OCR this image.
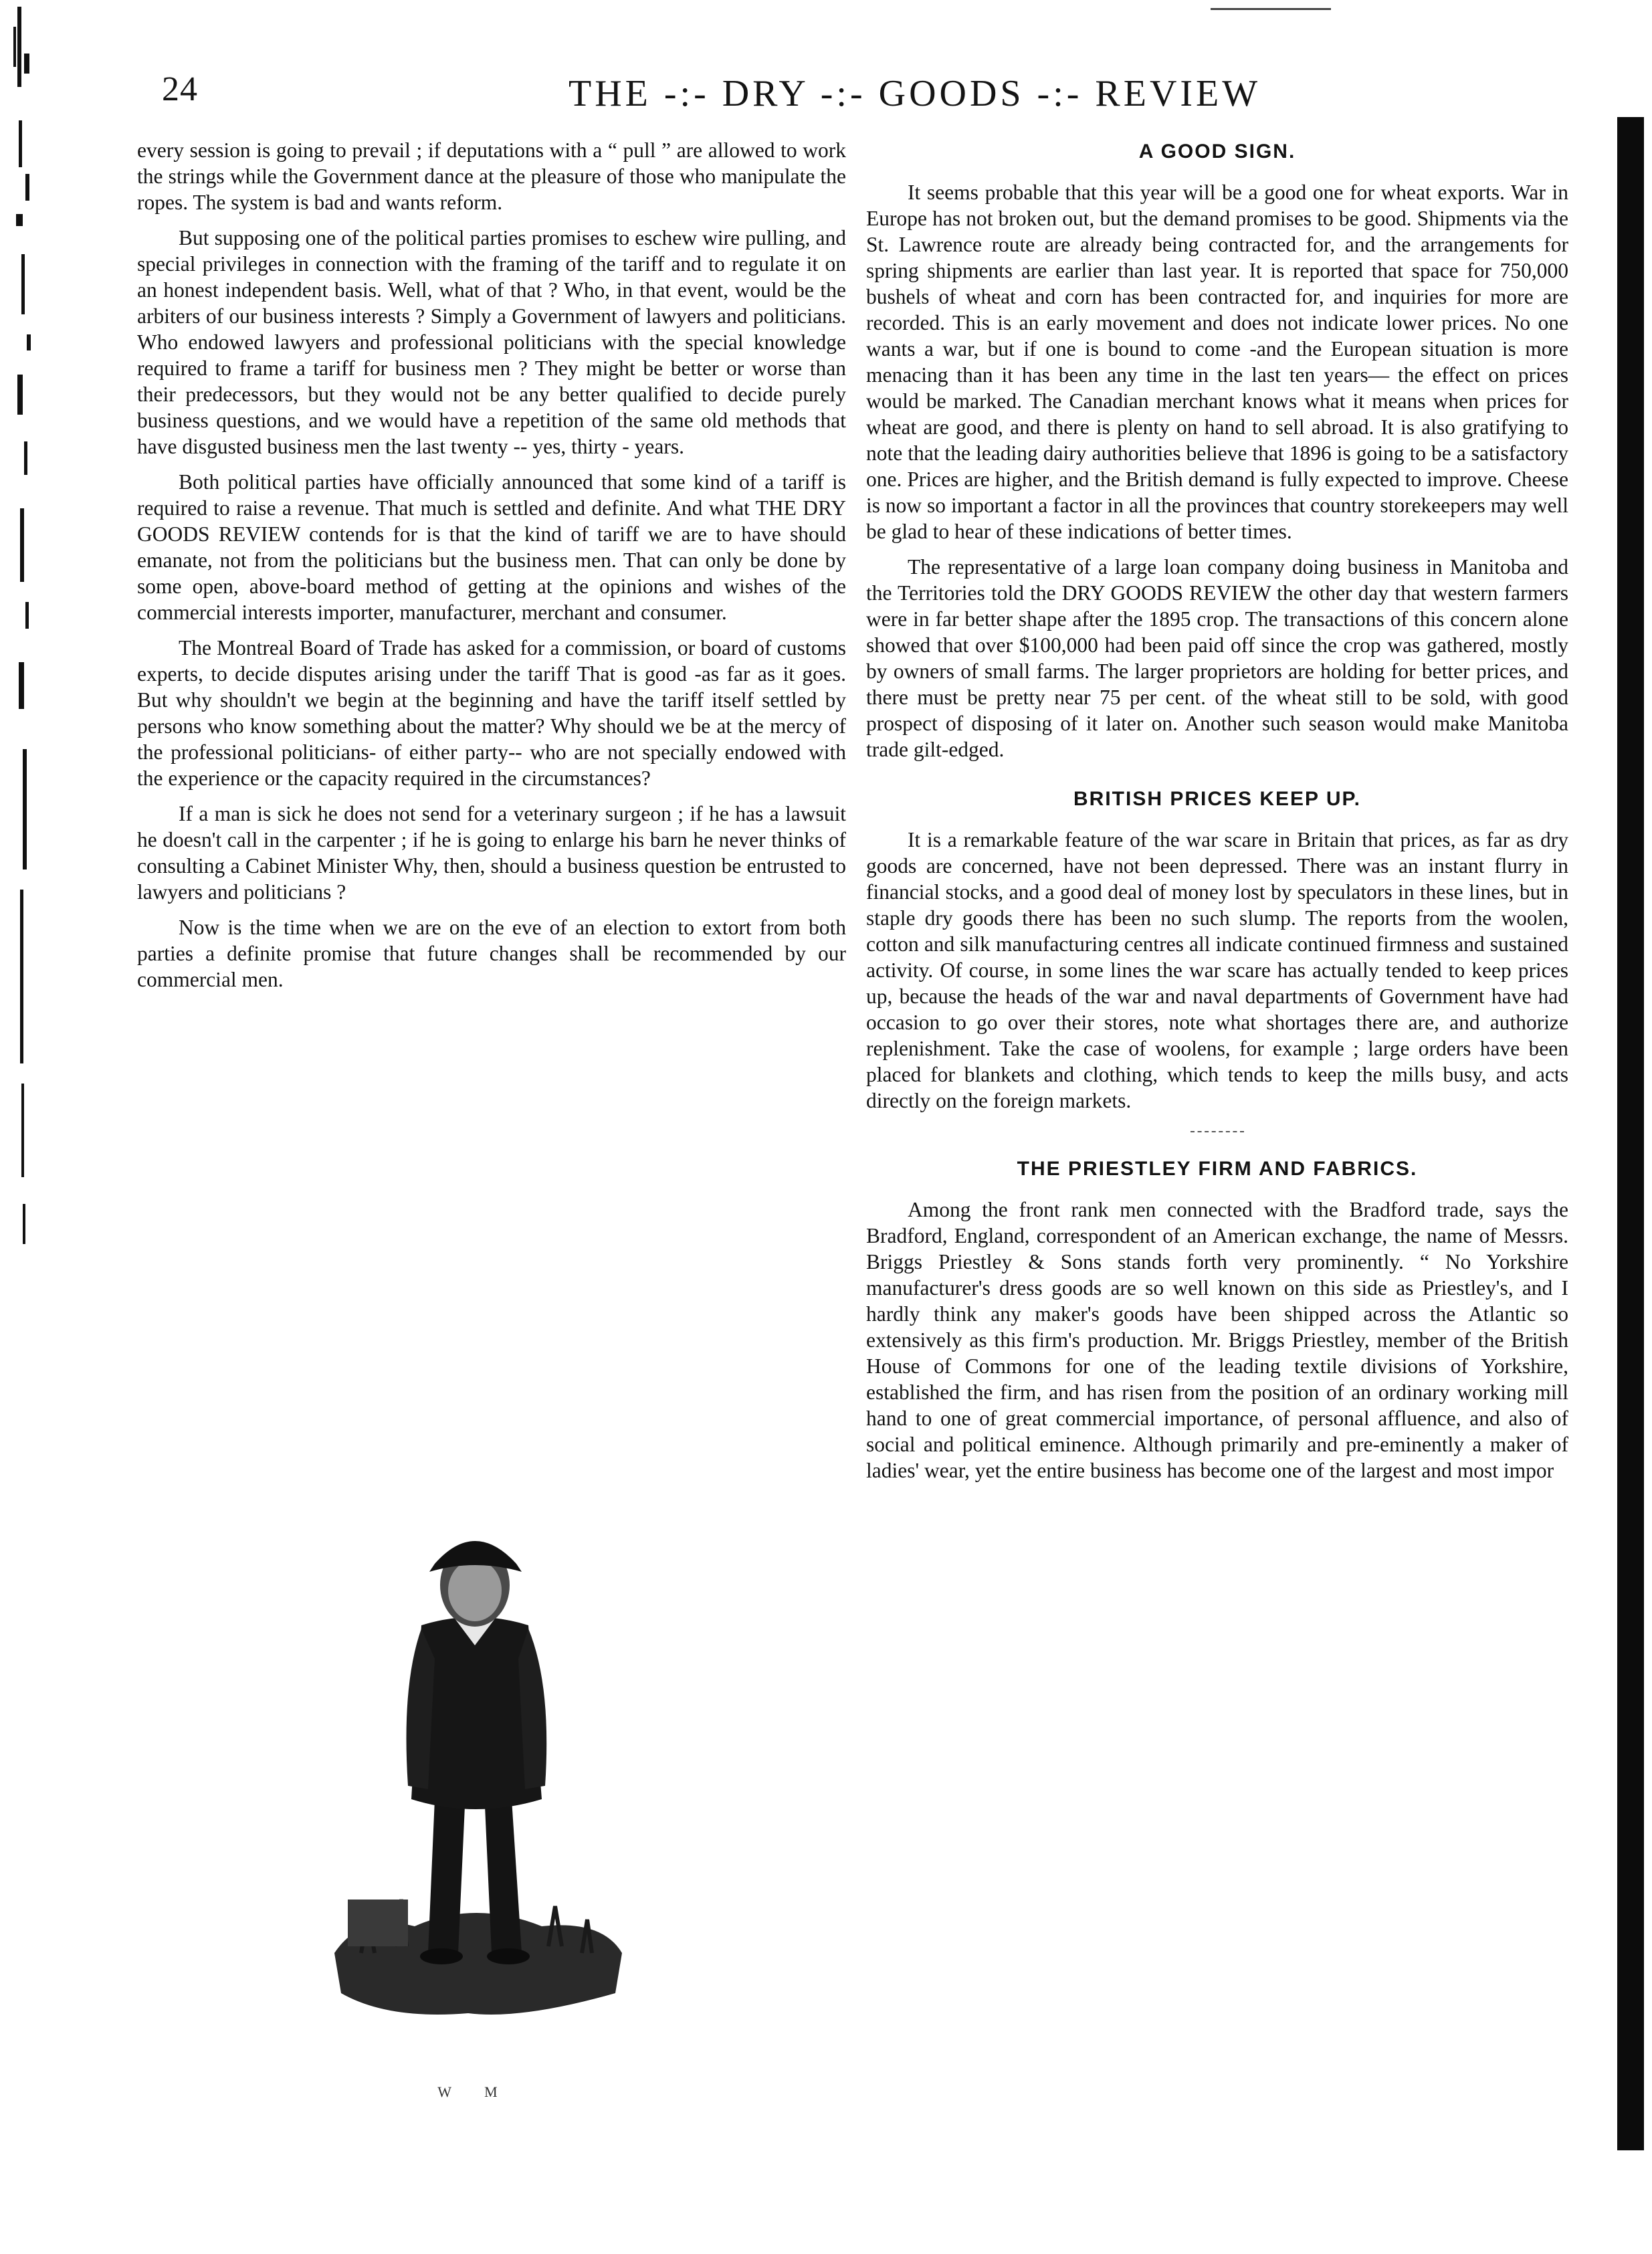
24	THE -:- DRY -:- GOODS -:- REVIEW

every session is going to prevail ; if deputations with a “ pull ” are allowed to work the strings while the Government dance at the pleasure of those who manipulate the ropes. The system is bad and wants reform.

But supposing one of the political parties promises to eschew wire pulling, and special privileges in connection with the framing of the tariff and to regulate it on an honest independent basis. Well, what of that ? Who, in that event, would be the arbiters of our business interests ? Simply a Government of lawyers and politicians. Who endowed lawyers and professional politicians with the special knowledge required to frame a tariff for business men ? They might be better or worse than their predecessors, but they would not be any better qualified to decide purely business questions, and we would have a repetition of the same old methods that have disgusted business men the last twenty -- yes, thirty - years.

Both political parties have officially announced that some kind of a tariff is required to raise a revenue. That much is settled and definite. And what THE DRY GOODS REVIEW contends for is that the kind of tariff we are to have should emanate, not from the politicians but the business men. That can only be done by some open, above-board method of getting at the opinions and wishes of the commercial interests importer, manufacturer, merchant and consumer.

The Montreal Board of Trade has asked for a commission, or board of customs experts, to decide disputes arising under the tariff That is good -as far as it goes. But why shouldn't we begin at the beginning and have the tariff itself settled by persons who know something about the matter? Why should we be at the mercy of the professional politicians- of either party-- who are not specially endowed with the experience or the capacity required in the circumstances?

If a man is sick he does not send for a veterinary surgeon ; if he has a lawsuit he doesn't call in the carpenter ; if he is going to enlarge his barn he never thinks of consulting a Cabinet Minister Why, then, should a business question be entrusted to lawyers and politicians ?

Now is the time when we are on the eve of an election to extort from both parties a definite promise that future changes shall be recommended by our commercial men.

W M
A GOOD SIGN.

It seems probable that this year will be a good one for wheat exports. War in Europe has not broken out, but the demand promises to be good. Shipments via the St. Lawrence route are already being contracted for, and the arrangements for spring shipments are earlier than last year. It is reported that space for 750,000 bushels of wheat and corn has been contracted for, and inquiries for more are recorded. This is an early movement and does not indicate lower prices. No one wants a war, but if one is bound to come -and the European situation is more menacing than it has been any time in the last ten years— the effect on prices would be marked. The Canadian merchant knows what it means when prices for wheat are good, and there is plenty on hand to sell abroad. It is also gratifying to note that the leading dairy authorities believe that 1896 is going to be a satisfactory one. Prices are higher, and the British demand is fully expected to improve. Cheese is now so important a factor in all the provinces that country storekeepers may well be glad to hear of these indications of better times.

The representative of a large loan company doing business in Manitoba and the Territories told the DRY GOODS REVIEW the other day that western farmers were in far better shape after the 1895 crop. The transactions of this concern alone showed that over $100,000 had been paid off since the crop was gathered, mostly by owners of small farms. The larger proprietors are holding for better prices, and there must be pretty near 75 per cent. of the wheat still to be sold, with good prospect of disposing of it later on. Another such season would make Manitoba trade gilt-edged.

BRITISH PRICES KEEP UP.

It is a remarkable feature of the war scare in Britain that prices, as far as dry goods are concerned, have not been depressed. There was an instant flurry in financial stocks, and a good deal of money lost by speculators in these lines, but in staple dry goods there has been no such slump. The reports from the woolen, cotton and silk manufacturing centres all indicate continued firmness and sustained activity. Of course, in some lines the war scare has actually tended to keep prices up, because the heads of the war and naval departments of Government have had occasion to go over their stores, note what shortages there are, and authorize replenishment. Take the case of woolens, for example ; large orders have been placed for blankets and clothing, which tends to keep the mills busy, and acts directly on the foreign markets.

THE PRIESTLEY FIRM AND FABRICS.

Among the front rank men connected with the Bradford trade, says the Bradford, England, correspondent of an American exchange, the name of Messrs. Briggs Priestley & Sons stands forth very prominently. “ No Yorkshire manufacturer's dress goods are so well known on this side as Priestley's, and I hardly think any maker's goods have been shipped across the Atlantic so extensively as this firm's production. Mr. Briggs Priestley, member of the British House of Commons for one of the leading textile divisions of Yorkshire, established the firm, and has risen from the position of an ordinary working mill hand to one of great commercial importance, of personal affluence, and also of social and political eminence. Although primarily and pre-eminently a maker of ladies' wear, yet the entire business has become one of the largest and most impor
